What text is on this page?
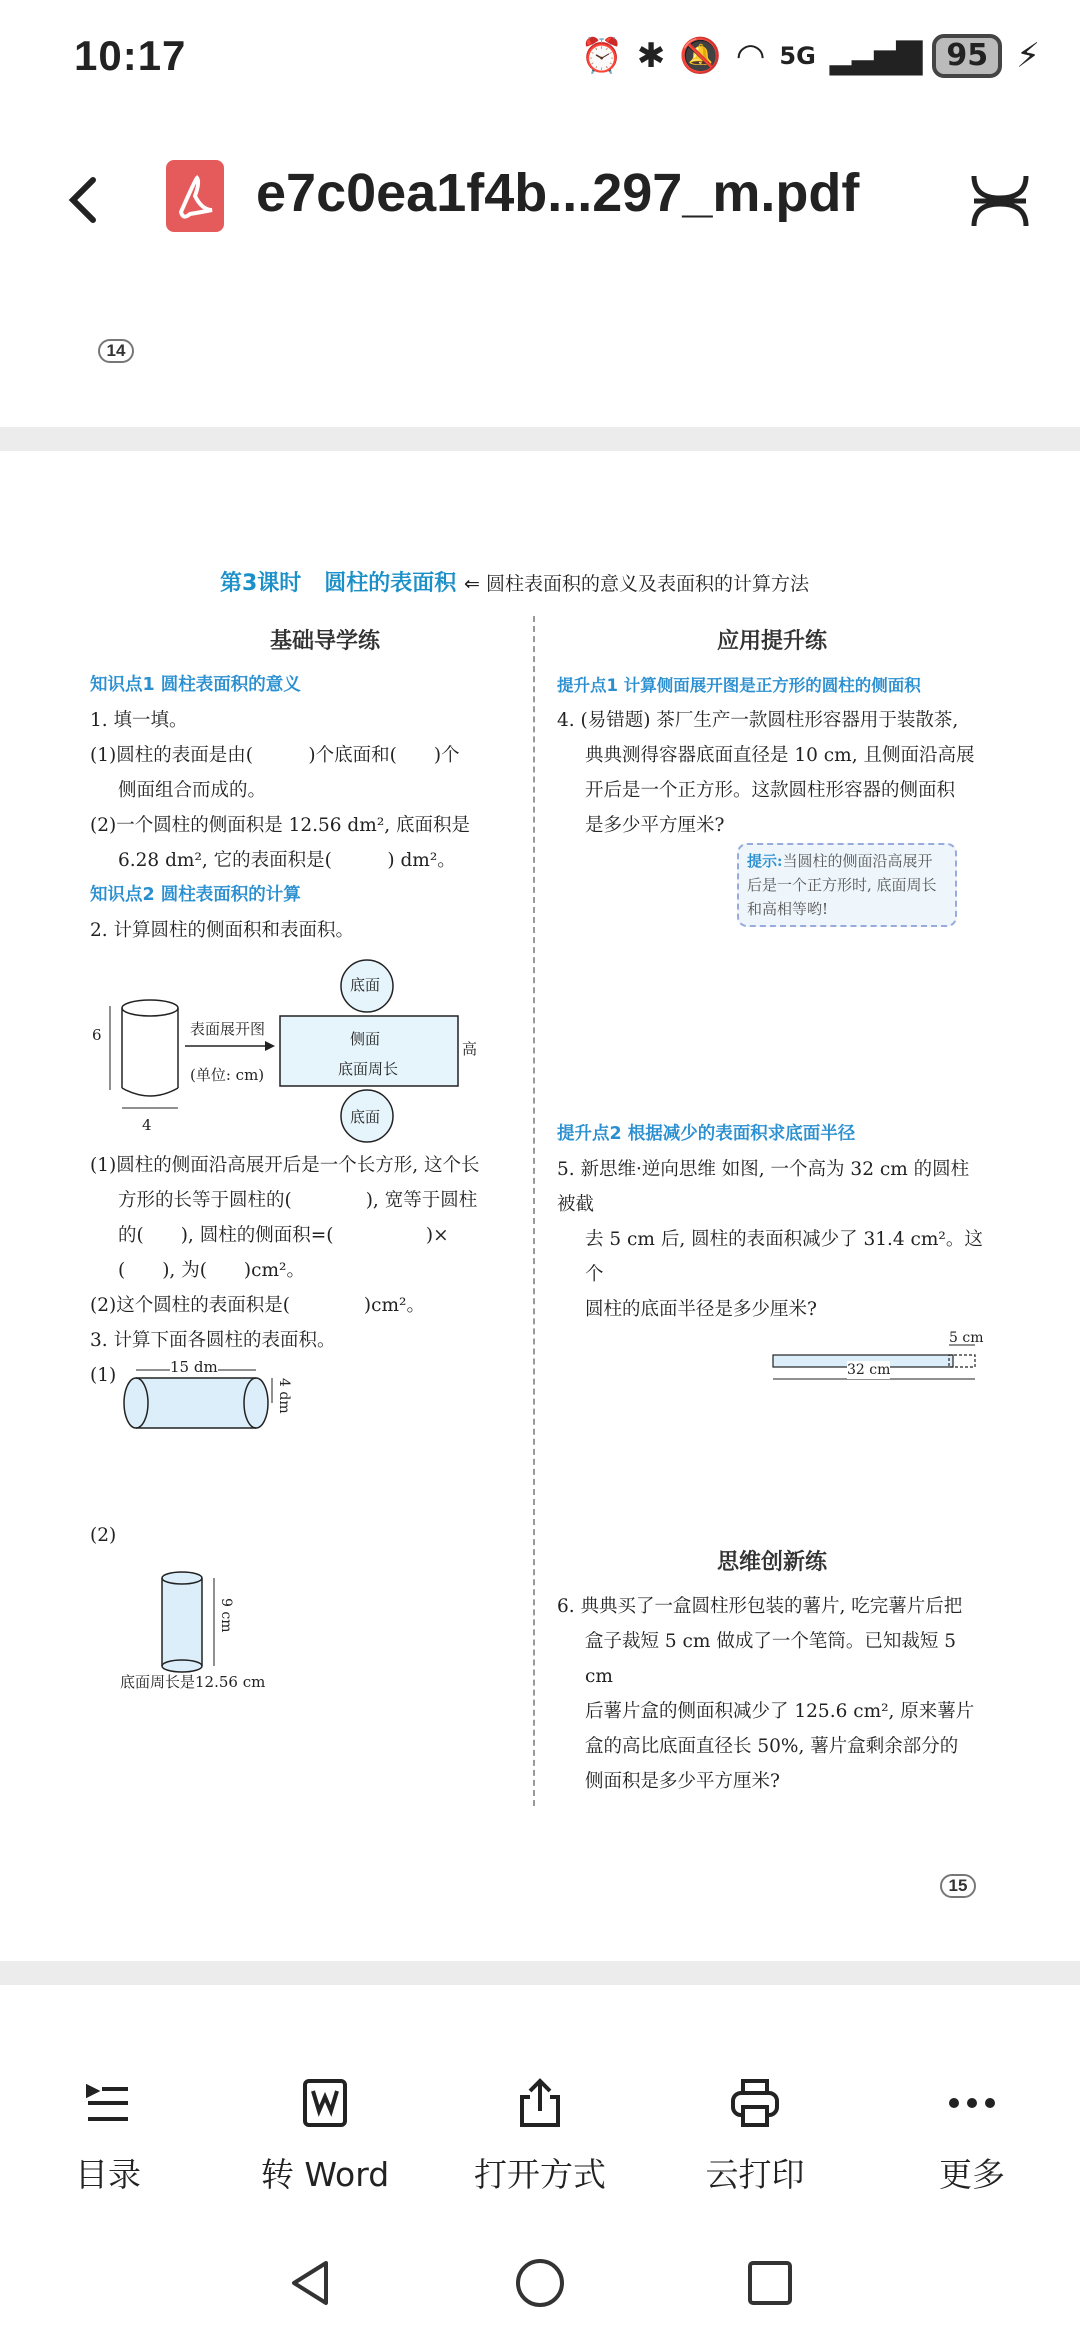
10:17	⏰ ✱ 🔕 ◠ 5G ▂▃▅▇ 95 ⚡
e7c0ea1f4b...297_m.pdf
14
第3课时 圆柱的表面积 ⇐ 圆柱表面积的意义及表面积的计算方法
基础导学练
知识点1 圆柱表面积的意义
1. 填一填。
(1)圆柱的表面是由(　　　)个底面和(　　)个
侧面组合而成的。
(2)一个圆柱的侧面积是 12.56 dm², 底面积是
6.28 dm², 它的表面积是(　　　) dm²。
知识点2 圆柱表面积的计算
2. 计算圆柱的侧面积和表面积。
6
4
表面展开图
(单位: cm)
底面
侧面
高
底面周长
底面
(1)圆柱的侧面沿高展开后是一个长方形, 这个长
方形的长等于圆柱的(　　　　), 宽等于圆柱
的(　　), 圆柱的侧面积=(　　　　　)×
(　　), 为(　　)cm²。
(2)这个圆柱的表面积是(　　　　)cm²。
3. 计算下面各圆柱的表面积。
(1)	15 dm
4 dm
(2)
9 cm
底面周长是12.56 cm
应用提升练
提升点1 计算侧面展开图是正方形的圆柱的侧面积
4. (易错题) 茶厂生产一款圆柱形容器用于装散茶,
典典测得容器底面直径是 10 cm, 且侧面沿高展
开后是一个正方形。这款圆柱形容器的侧面积
是多少平方厘米?
提示:当圆柱的侧面沿高展开后是一个正方形时, 底面周长和高相等哟!
提升点2 根据减少的表面积求底面半径
5. 新思维·逆向思维 如图, 一个高为 32 cm 的圆柱被截
去 5 cm 后, 圆柱的表面积减少了 31.4 cm²。这个
圆柱的底面半径是多少厘米?
5 cm
32 cm
思维创新练
6. 典典买了一盒圆柱形包装的薯片, 吃完薯片后把
盒子裁短 5 cm 做成了一个笔筒。已知裁短 5 cm
后薯片盒的侧面积减少了 125.6 cm², 原来薯片
盒的高比底面直径长 50%, 薯片盒剩余部分的
侧面积是多少平方厘米?
15
目录	转 Word	打开方式	云打印	更多
